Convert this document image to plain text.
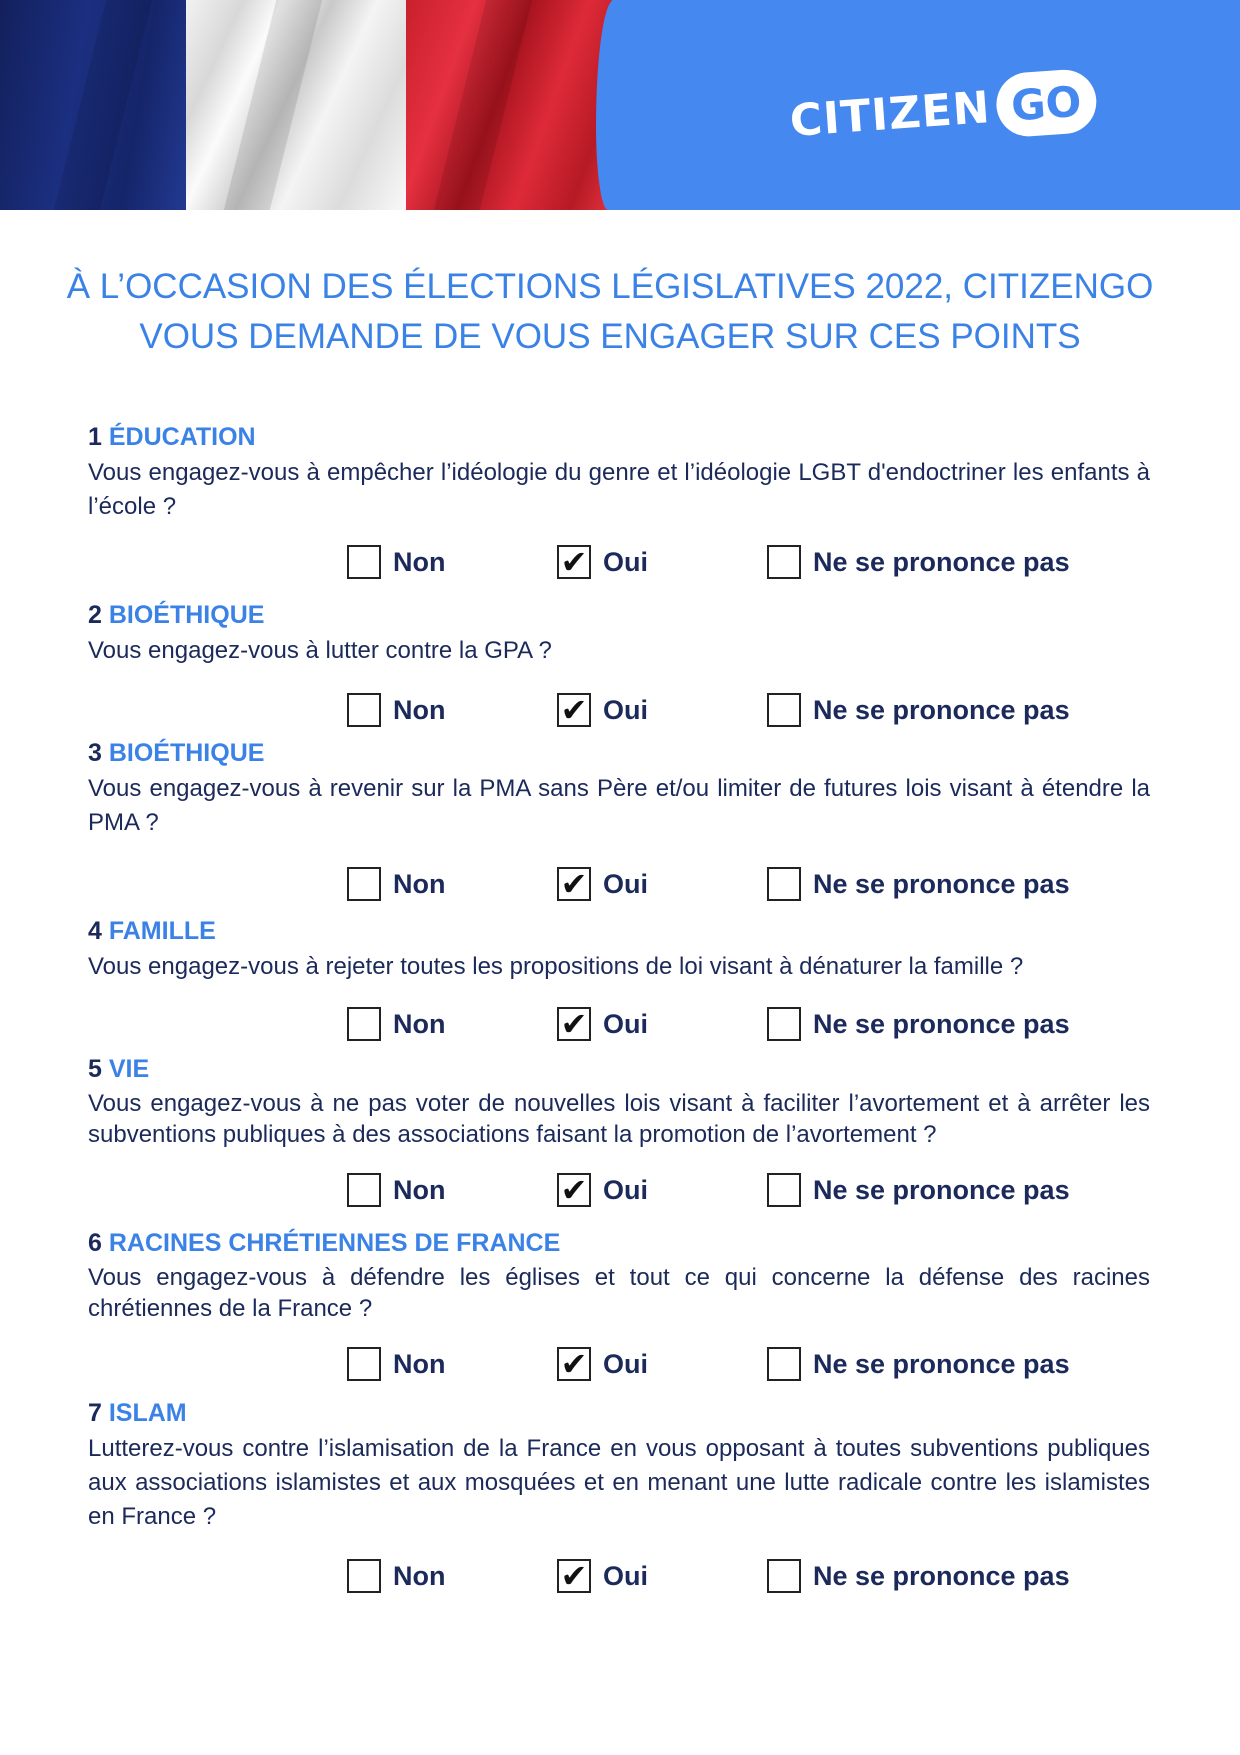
CITIZEN GO
À L’OCCASION DES ÉLECTIONS LÉGISLATIVES 2022, CITIZENGO
VOUS DEMANDE DE VOUS ENGAGER SUR CES POINTS
1 ÉDUCATION
Vous engagez-vous à empêcher l’idéologie du genre et l’idéologie LGBT d'endoctriner les enfants à l’école ?
Non	✔ Oui	Ne se prononce pas
2 BIOÉTHIQUE
Vous engagez-vous à lutter contre la GPA ?
Non	✔ Oui	Ne se prononce pas
3 BIOÉTHIQUE
Vous engagez-vous à revenir sur la PMA sans Père et/ou limiter de futures lois visant à étendre la PMA ?
Non	✔ Oui	Ne se prononce pas
4 FAMILLE
Vous engagez-vous à rejeter toutes les propositions de loi visant à dénaturer la famille ?
Non	✔ Oui	Ne se prononce pas
5 VIE
Vous engagez-vous à ne pas voter de nouvelles lois visant à faciliter l’avortement et à arrêter les subventions publiques à des associations faisant la promotion de l’avortement ?
Non	✔ Oui	Ne se prononce pas
6 RACINES CHRÉTIENNES DE FRANCE
Vous engagez-vous à défendre les églises et tout ce qui concerne la défense des racines chrétiennes de la France ?
Non	✔ Oui	Ne se prononce pas
7 ISLAM
Lutterez-vous contre l’islamisation de la France en vous opposant à toutes subventions publiques aux associations islamistes et aux mosquées et en menant une lutte radicale contre les islamistes en France ?
Non	✔ Oui	Ne se prononce pas
